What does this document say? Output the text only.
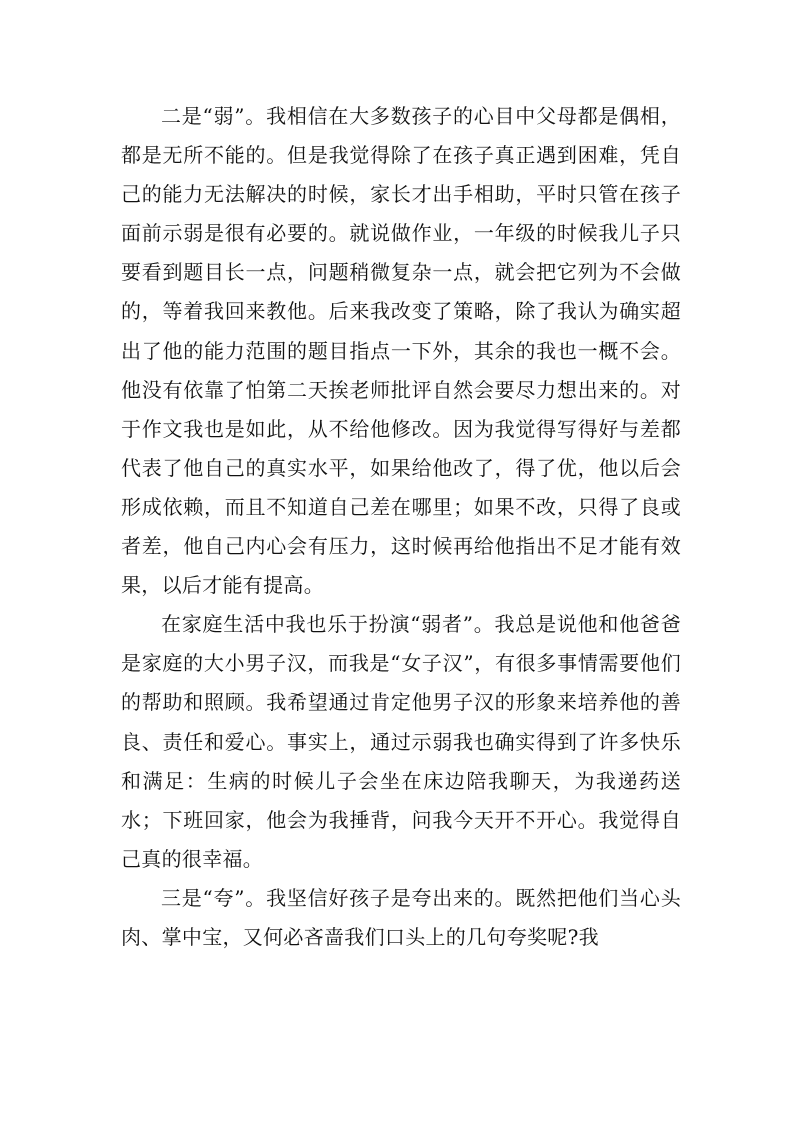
二是“弱”。我相信在大多数孩子的心目中父母都是偶相，都是无所不能的。但是我觉得除了在孩子真正遇到困难，凭自己的能力无法解决的时候，家长才出手相助，平时只管在孩子面前示弱是很有必要的。就说做作业，一年级的时候我儿子只要看到题目长一点，问题稍微复杂一点，就会把它列为不会做的，等着我回来教他。后来我改变了策略，除了我认为确实超出了他的能力范围的题目指点一下外，其余的我也一概不会。他没有依靠了怕第二天挨老师批评自然会要尽力想出来的。对于作文我也是如此，从不给他修改。因为我觉得写得好与差都代表了他自己的真实水平，如果给他改了，得了优，他以后会形成依赖，而且不知道自己差在哪里；如果不改，只得了良或者差，他自己内心会有压力，这时候再给他指出不足才能有效果，以后才能有提高。

在家庭生活中我也乐于扮演“弱者”。我总是说他和他爸爸是家庭的大小男子汉，而我是“女子汉”，有很多事情需要他们的帮助和照顾。我希望通过肯定他男子汉的形象来培养他的善良、责任和爱心。事实上，通过示弱我也确实得到了许多快乐和满足：生病的时候儿子会坐在床边陪我聊天，为我递药送水；下班回家，他会为我捶背，问我今天开不开心。我觉得自己真的很幸福。

三是“夸”。我坚信好孩子是夸出来的。既然把他们当心头肉、掌中宝，又何必吝啬我们口头上的几句夸奖呢?我
